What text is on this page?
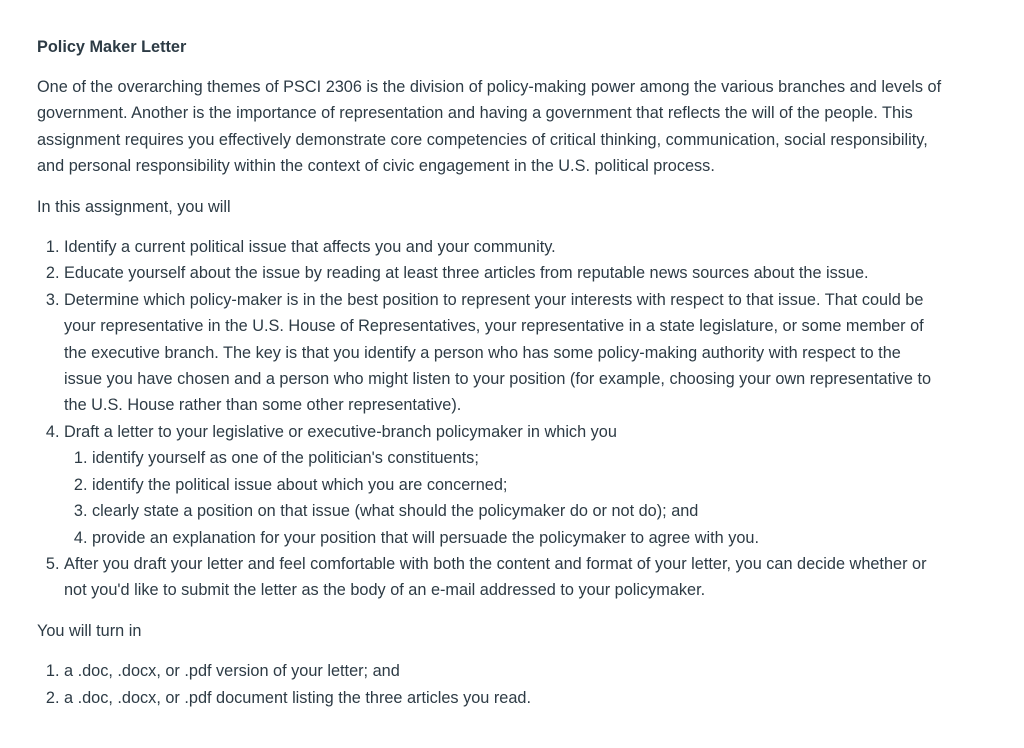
Policy Maker Letter

One of the overarching themes of PSCI 2306 is the division of policy-making power among the various branches and levels of government. Another is the importance of representation and having a government that reflects the will of the people. This assignment requires you effectively demonstrate core competencies of critical thinking, communication, social responsibility, and personal responsibility within the context of civic engagement in the U.S. political process.

In this assignment, you will

1. Identify a current political issue that affects you and your community.
2. Educate yourself about the issue by reading at least three articles from reputable news sources about the issue.
3. Determine which policy-maker is in the best position to represent your interests with respect to that issue. That could be your representative in the U.S. House of Representatives, your representative in a state legislature, or some member of the executive branch. The key is that you identify a person who has some policy-making authority with respect to the issue you have chosen and a person who might listen to your position (for example, choosing your own representative to the U.S. House rather than some other representative).
4. Draft a letter to your legislative or executive-branch policymaker in which you
1. identify yourself as one of the politician's constituents;
2. identify the political issue about which you are concerned;
3. clearly state a position on that issue (what should the policymaker do or not do); and
4. provide an explanation for your position that will persuade the policymaker to agree with you.
5. After you draft your letter and feel comfortable with both the content and format of your letter, you can decide whether or not you'd like to submit the letter as the body of an e-mail addressed to your policymaker.

You will turn in

1. a .doc, .docx, or .pdf version of your letter; and
2. a .doc, .docx, or .pdf document listing the three articles you read.
